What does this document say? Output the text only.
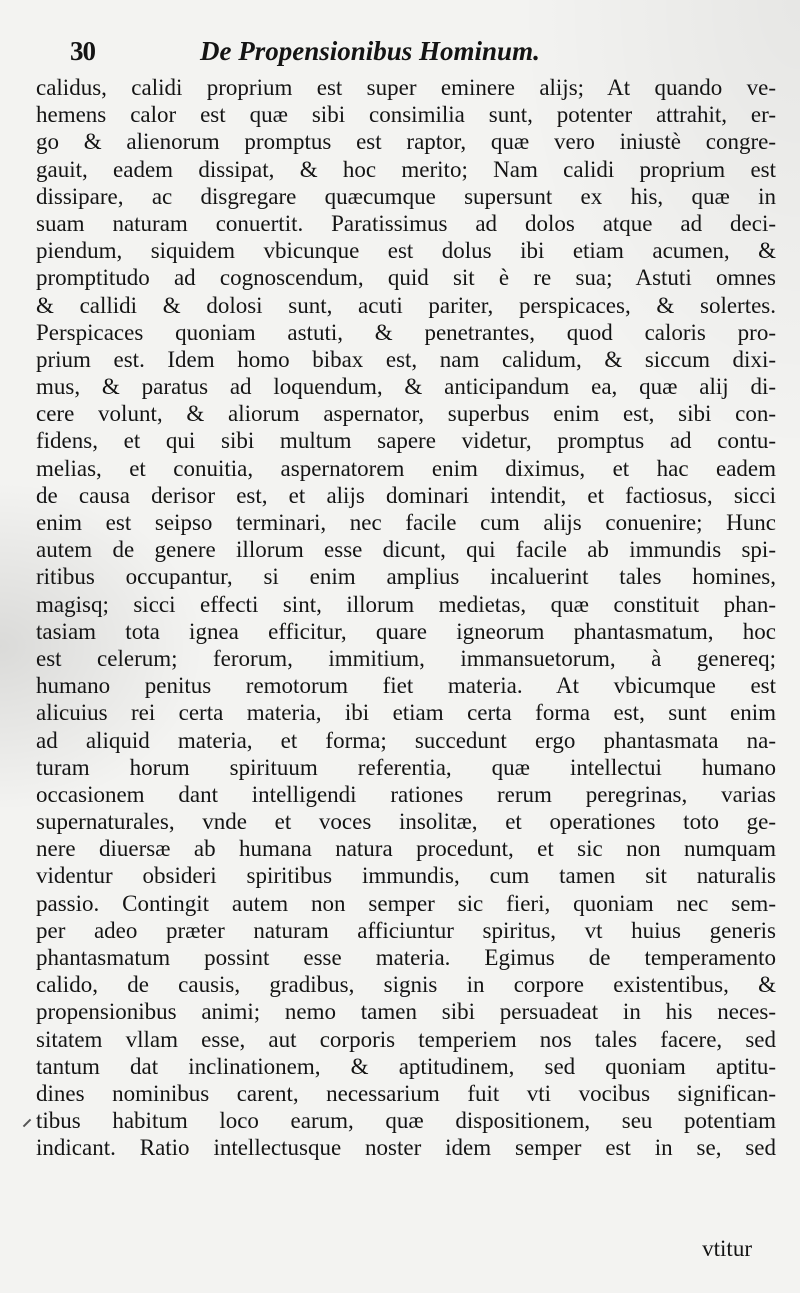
30	De Propensionibus Hominum.
calidus, calidi proprium est super eminere alijs; At quando ve-
hemens calor est quæ sibi consimilia sunt, potenter attrahit, er-
go & alienorum promptus est raptor, quæ vero iniustè congre-
gauit, eadem dissipat, & hoc merito; Nam calidi proprium est
dissipare, ac disgregare quæcumque supersunt ex his, quæ in
suam naturam conuertit. Paratissimus ad dolos atque ad deci-
piendum, siquidem vbicunque est dolus ibi etiam acumen, &
promptitudo ad cognoscendum, quid sit è re sua; Astuti omnes
& callidi & dolosi sunt, acuti pariter, perspicaces, & solertes.
Perspicaces quoniam astuti, & penetrantes, quod caloris pro-
prium est. Idem homo bibax est, nam calidum, & siccum dixi-
mus, & paratus ad loquendum, & anticipandum ea, quæ alij di-
cere volunt, & aliorum aspernator, superbus enim est, sibi con-
fidens, et qui sibi multum sapere videtur, promptus ad contu-
melias, et conuitia, aspernatorem enim diximus, et hac eadem
de causa derisor est, et alijs dominari intendit, et factiosus, sicci
enim est seipso terminari, nec facile cum alijs conuenire; Hunc
autem de genere illorum esse dicunt, qui facile ab immundis spi-
ritibus occupantur, si enim amplius incaluerint tales homines,
magisq; sicci effecti sint, illorum medietas, quæ constituit phan-
tasiam tota ignea efficitur, quare igneorum phantasmatum, hoc
est celerum; ferorum, immitium, immansuetorum, à genereq;
humano penitus remotorum fiet materia. At vbicumque est
alicuius rei certa materia, ibi etiam certa forma est, sunt enim
ad aliquid materia, et forma; succedunt ergo phantasmata na-
turam horum spirituum referentia, quæ intellectui humano
occasionem dant intelligendi rationes rerum peregrinas, varias
supernaturales, vnde et voces insolitæ, et operationes toto ge-
nere diuersæ ab humana natura procedunt, et sic non numquam
videntur obsideri spiritibus immundis, cum tamen sit naturalis
passio. Contingit autem non semper sic fieri, quoniam nec sem-
per adeo præter naturam afficiuntur spiritus, vt huius generis
phantasmatum possint esse materia. Egimus de temperamento
calido, de causis, gradibus, signis in corpore existentibus, &
propensionibus animi; nemo tamen sibi persuadeat in his neces-
sitatem vllam esse, aut corporis temperiem nos tales facere, sed
tantum dat inclinationem, & aptitudinem, sed quoniam aptitu-
dines nominibus carent, necessarium fuit vti vocibus significan-
tibus habitum loco earum, quæ dispositionem, seu potentiam
indicant. Ratio intellectusque noster idem semper est in se, sed
vtitur
